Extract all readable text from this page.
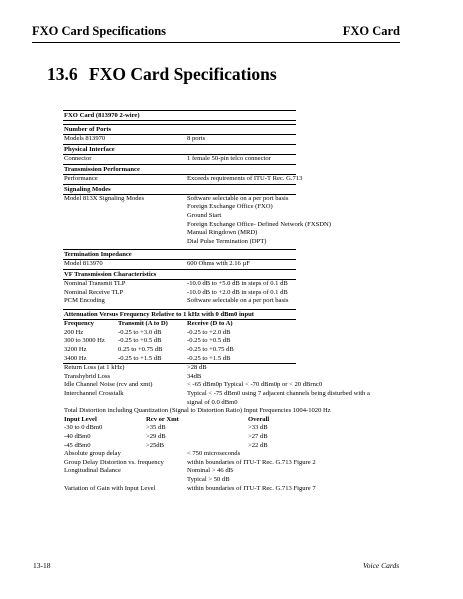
FXO Card Specifications	FXO Card
13.6 FXO Card Specifications
FXO Card (813970 2-wire)
Number of Ports
Models 813970	8 ports
Physical Interface
Connector	1 female 50-pin telco connector
Transmission Performance
Performance	Exceeds requirements of ITU-T Rec. G.713
Signaling Modes
Model 813X Signaling Modes	Software selectable on a per port basis
Foreign Exchange Office (FXO)
Ground Start
Foreign Exchange Office- Defined Network (FXSDN)
Manual Ringdown (MRD)
Dial Pulse Termination (DPT)
Termination Impedance
Model 813970	600 Ohms with 2.16 µF
VF Transmission Characteristics
Nominal Transmit TLP	-10.0 dB to +5.0 dB in steps of 0.1 dB
Nominal Receive TLP	-10.0 dB to +2.0 dB in steps of 0.1 dB
PCM Encoding	Software selectable on a per port basis
Attenuation Versus Frequency Relative to 1 kHz with 0 dBm0 input
Frequency	Transmit (A to D)	Receive (D to A)
200 Hz	-0.25 to +3.0 dB	-0.25 to +2.0 dB
300 to 3000 Hz -0.25 to +0.5 dB	-0.25 to +0.5 dB
3200 Hz	0.25 to +0.75 dB	-0.25 to +0.75 dB
3400 Hz	-0.25 to +1.5 dB	-0.25 to +1.5 dB
Return Loss (at 1 kHz)	>28 dB
Transhybrid Loss	34dB
Idle Channel Noise (rcv and xmt)	< -65 dBm0p Typical < -70 dBm0p or < 20 dBrnc0
Interchannel Crosstalk	Typical < -75 dBm0 using 7 adjacent channels being disturbed with a
signal of 0.0 dBm0
Total Distortion including Quantization (Signal to Distortion Ratio) Input Frequencies 1004-1020 Hz
Input Level	Rcv or Xmt	Overall
-30 to 0 dBm0	>35 dB	>33 dB
-40 dBm0	>29 dB	>27 dB
-45 dBm0	>25dB	>22 dB
Absolute group delay	< 750 microseconds
Group Delay Distortion vs. frequency	within boundaries of ITU-T Rec. G.713 Figure 2
Longitudinal Balance	Nominal > 46 dB
Typical > 50 dB
Variation of Gain with Input Level	within boundaries of ITU-T Rec. G.713 Figure 7
13-18	Voice Cards
